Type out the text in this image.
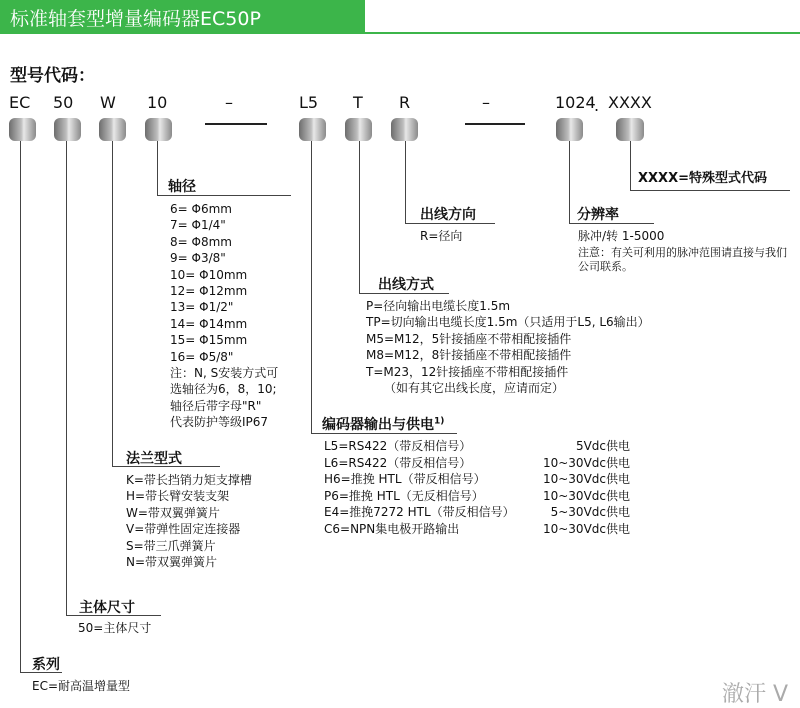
标准轴套型增量编码器EC50P
型号代码：
EC 50 W 10	–	L5 T R	–	1024
. XXXX
XXXX=特殊型式代码
分辨率
脉冲/转 1-5000
注意：有关可利用的脉冲范围请直接与我们公司联系。
出线方向
R=径向
轴径
6= Φ6mm
7= Φ1/4"
8= Φ8mm
9= Φ3/8"
10= Φ10mm
12= Φ12mm
13= Φ1/2"
14= Φ14mm
15= Φ15mm
16= Φ5/8"
注：N, S安装方式可
选轴径为6，8，10;
轴径后带字母"R"
代表防护等级IP67
出线方式
P=径向输出电缆长度1.5m
TP=切向输出电缆长度1.5m（只适用于L5, L6输出）
M5=M12，5针接插座不带相配接插件
M8=M12，8针接插座不带相配接插件
T=M23，12针接插座不带相配接插件
（如有其它出线长度，应请而定）
编码器输出与供电$^{1)}$
L5=RS422（带反相信号）	5Vdc供电
L6=RS422（带反相信号）	10~30Vdc供电
H6=推挽 HTL（带反相信号）	10~30Vdc供电
P6=推挽 HTL（无反相信号）	10~30Vdc供电
E4=推挽7272 HTL（带反相信号）	5~30Vdc供电
C6=NPN集电极开路输出	10~30Vdc供电
法兰型式
K=带长挡销力矩支撑槽
H=带长臂安装支架
W=带双翼弹簧片
V=带弹性固定连接器
S=带三爪弹簧片
N=带双翼弹簧片
主体尺寸
50=主体尺寸
系列
EC=耐高温增量型	澈汗 V
